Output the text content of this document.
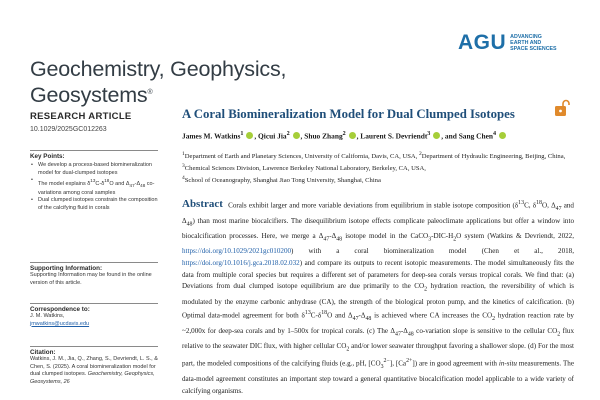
AGU ADVANCING
EARTH AND
SPACE SCIENCES
Geochemistry, Geophysics,
Geosystems®
RESEARCH ARTICLE
10.1029/2025GC012263
A Coral Biomineralization Model for Dual Clumped Isotopes
James M. Watkins$^1$ , Qicui Jia$^2$ , Shuo Zhang$^2$ , Laurent S. Devriendt$^3$ , and Sang Chen$^4$
$^1$Department of Earth and Planetary Sciences, University of California, Davis, CA, USA, $^2$Department of Hydraulic Engineering, Beijing, China, $^3$Chemical Sciences Division, Lawrence Berkeley National Laboratory, Berkeley, CA, USA,
$^4$School of Oceanography, Shanghai Jiao Tong University, Shanghai, China
Key Points:
• We develop a process-based biomineralization model for dual-clumped isotopes
• The model explains $\delta^{13}C-\delta^{18}O$ and $\Delta_{47}-\Delta_{48}$ co-variations among coral samples
• Dual clumped isotopes constrain the composition of the calcifying fluid in corals
Supporting Information:
Supporting Information may be found in the online version of this article.
Correspondence to:
J. M. Watkins,
jmwatkins@ucdavis.edu
Citation:
Watkins, J. M., Jia, Q., Zhang, S., Devriendt, L. S., & Chen, S. (2025). A coral biomineralization model for dual clumped isotopes. Geochemistry, Geophysics,
Geosystems, 26
Abstract Corals exhibit larger and more variable deviations from equilibrium in stable isotope composition ($\delta^{13}C$, $\delta^{18}O$, $\Delta_{47}$ and $\Delta_{48}$) than most marine biocalcifiers. The disequilibrium isotope effects complicate paleoclimate applications but offer a window into biocalcification processes. Here, we merge a $\Delta_{47}-\Delta_{48}$ isotope model in the $CaCO_3-DIC-H_2O$ system (Watkins & Devriendt, 2022, https://doi.org/10.1029/2021gc010200) with a coral biomineralization model (Chen et al., 2018, https://doi.org/10.1016/j.gca.2018.02.032) and compare its outputs to recent isotopic measurements. The model simultaneously fits the data from multiple coral species but requires a different set of parameters for deep-sea corals versus tropical corals. We find that: (a) Deviations from dual clumped isotope equilibrium are due primarily to the $CO_2$ hydration reaction, the reversibility of which is modulated by the enzyme carbonic anhydrase (CA), the strength of the biological proton pump, and the kinetics of calcification. (b) Optimal data-model agreement for both $\delta^{13}C-\delta^{18}O$ and $\Delta_{47}-\Delta_{48}$ is achieved where CA increases the $CO_2$ hydration reaction rate by ~2,000x for deep-sea corals and by 1–500x for tropical corals. (c) The $\Delta_{47}-\Delta_{48}$ co-variation slope is sensitive to the cellular $CO_2$ flux relative to the seawater DIC flux, with higher cellular $CO_2$ and/or lower seawater throughput favoring a shallower slope. (d) For the most part, the modeled compositions of the calcifying fluids (e.g., pH, $[CO_3^{2-}]$, $[Ca^{2+}]$) are in good agreement with in-situ measurements. The data-model agreement constitutes an important step toward a general quantitative biocalcification model applicable to a wide variety of calcifying organisms.
